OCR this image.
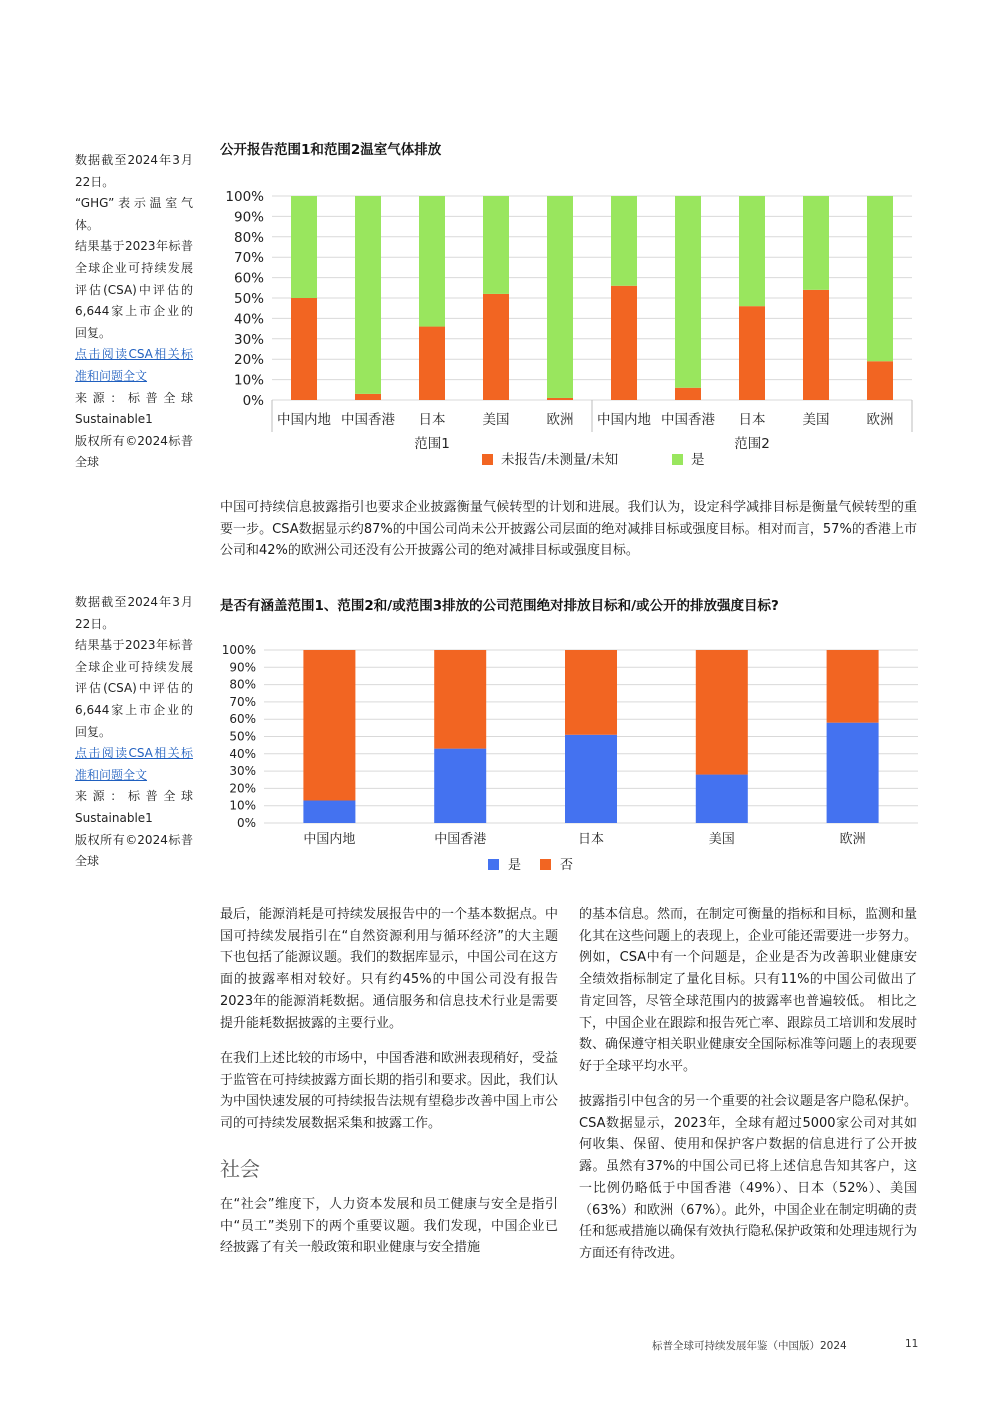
数据截至2024年3月22日。

“GHG”表示温室气体。

结果基于2023年标普全球企业可持续发展评估(CSA)中评估的6,644家上市企业的回复。

点击阅读CSA相关标准和问题全文

来源：标普全球Sustainable1

版权所有©2024标普全球

公开报告范围1和范围2温室气体排放

0%
10%
20%
30%
40%
50%
60%
70%
80%
90%
100%
中国内地 中国香港 日本	美国	欧洲 中国内地 中国香港 日本	美国	欧洲
范围1	范围2
未报告/未测量/未知	是

中国可持续信息披露指引也要求企业披露衡量气候转型的计划和进展。我们认为，设定科学减排目标是衡量气候转型的重要一步。CSA数据显示约87%的中国公司尚未公开披露公司层面的绝对减排目标或强度目标。相对而言，57%的香港上市公司和42%的欧洲公司还没有公开披露公司的绝对减排目标或强度目标。

数据截至2024年3月22日。

结果基于2023年标普全球企业可持续发展评估(CSA)中评估的6,644家上市企业的回复。

点击阅读CSA相关标准和问题全文

来源：标普全球Sustainable1

版权所有©2024标普全球

是否有涵盖范围1、范围2和/或范围3排放的公司范围绝对排放目标和/或公开的排放强度目标?

0%
10%
20%
30%
40%
50%
60%
70%
80%
90%
100%
中国内地	中国香港	日本	美国	欧洲
是	否

最后，能源消耗是可持续发展报告中的一个基本数据点。中国可持续发展指引在“自然资源利用与循环经济”的大主题下也包括了能源议题。我们的数据库显示，中国公司在这方面的披露率相对较好。只有约45%的中国公司没有报告2023年的能源消耗数据。通信服务和信息技术行业是需要提升能耗数据披露的主要行业。

在我们上述比较的市场中，中国香港和欧洲表现稍好，受益于监管在可持续披露方面长期的指引和要求。因此，我们认为中国快速发展的可持续报告法规有望稳步改善中国上市公司的可持续发展数据采集和披露工作。

社会

在“社会”维度下，人力资本发展和员工健康与安全是指引中“员工”类别下的两个重要议题。我们发现，中国企业已经披露了有关一般政策和职业健康与安全措施

的基本信息。然而，在制定可衡量的指标和目标，监测和量化其在这些问题上的表现上，企业可能还需要进一步努力。例如，CSA中有一个问题是，企业是否为改善职业健康安全绩效指标制定了量化目标。只有11%的中国公司做出了肯定回答，尽管全球范围内的披露率也普遍较低。 相比之下，中国企业在跟踪和报告死亡率、跟踪员工培训和发展时数、确保遵守相关职业健康安全国际标准等问题上的表现要好于全球平均水平。

披露指引中包含的另一个重要的社会议题是客户隐私保护。CSA数据显示，2023年，全球有超过5000家公司对其如何收集、保留、使用和保护客户数据的信息进行了公开披露。虽然有37%的中国公司已将上述信息告知其客户，这一比例仍略低于中国香港（49%）、日本（52%）、美国（63%）和欧洲（67%）。此外，中国企业在制定明确的责任和惩戒措施以确保有效执行隐私保护政策和处理违规行为方面还有待改进。

标普全球可持续发展年鉴（中国版）2024	11
